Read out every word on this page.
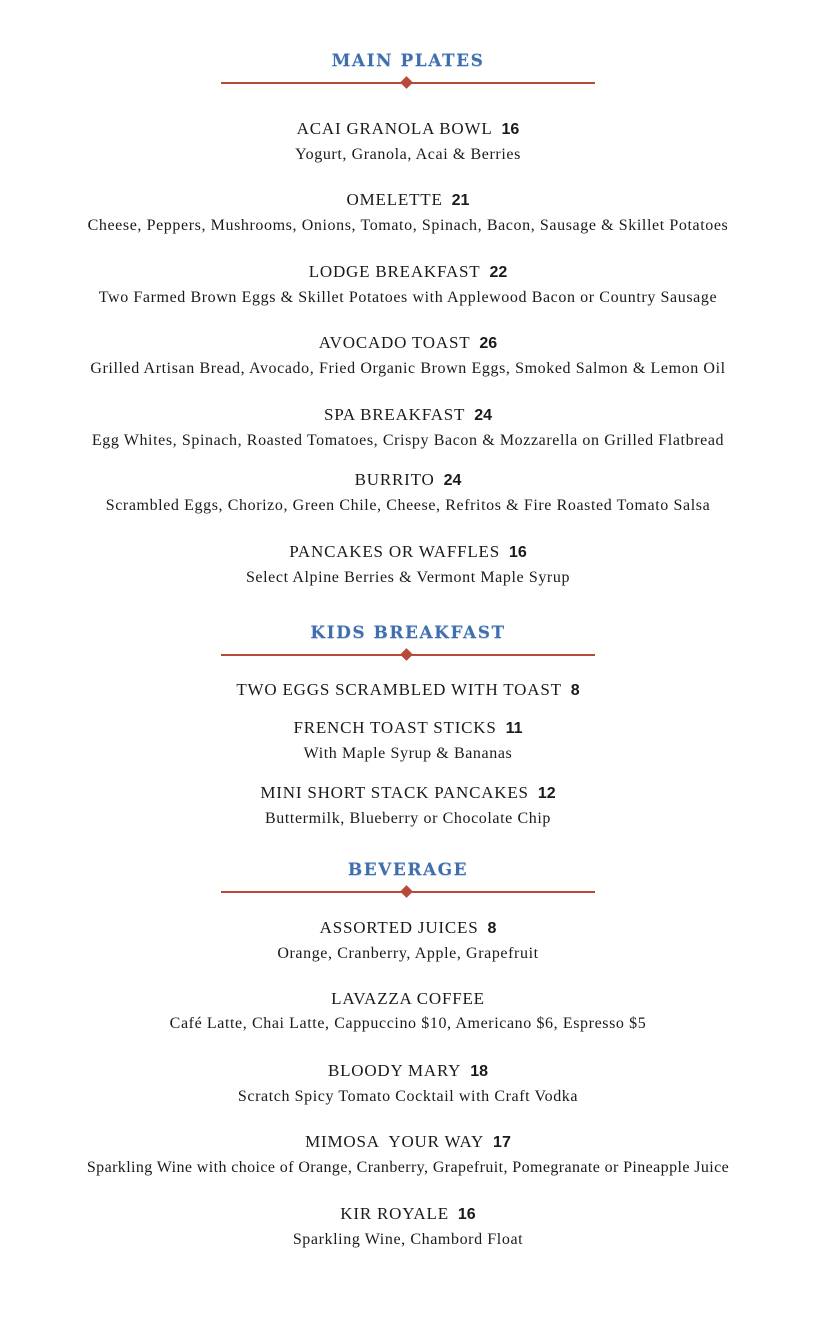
MAIN PLATES
ACAI GRANOLA BOWL 16
Yogurt, Granola, Acai & Berries
OMELETTE 21
Cheese, Peppers, Mushrooms, Onions, Tomato, Spinach, Bacon, Sausage & Skillet Potatoes
LODGE BREAKFAST 22
Two Farmed Brown Eggs & Skillet Potatoes with Applewood Bacon or Country Sausage
AVOCADO TOAST 26
Grilled Artisan Bread, Avocado, Fried Organic Brown Eggs, Smoked Salmon & Lemon Oil
SPA BREAKFAST 24
Egg Whites, Spinach, Roasted Tomatoes, Crispy Bacon & Mozzarella on Grilled Flatbread
BURRITO 24
Scrambled Eggs, Chorizo, Green Chile, Cheese, Refritos & Fire Roasted Tomato Salsa
PANCAKES OR WAFFLES 16
Select Alpine Berries & Vermont Maple Syrup
KIDS BREAKFAST
TWO EGGS SCRAMBLED WITH TOAST 8
FRENCH TOAST STICKS 11
With Maple Syrup & Bananas
MINI SHORT STACK PANCAKES 12
Buttermilk, Blueberry or Chocolate Chip
BEVERAGE
ASSORTED JUICES 8
Orange, Cranberry, Apple, Grapefruit
LAVAZZA COFFEE
Café Latte, Chai Latte, Cappuccino $10, Americano $6, Espresso $5
BLOODY MARY 18
Scratch Spicy Tomato Cocktail with Craft Vodka
MIMOSA  YOUR WAY 17
Sparkling Wine with choice of Orange, Cranberry, Grapefruit, Pomegranate or Pineapple Juice
KIR ROYALE 16
Sparkling Wine, Chambord Float
